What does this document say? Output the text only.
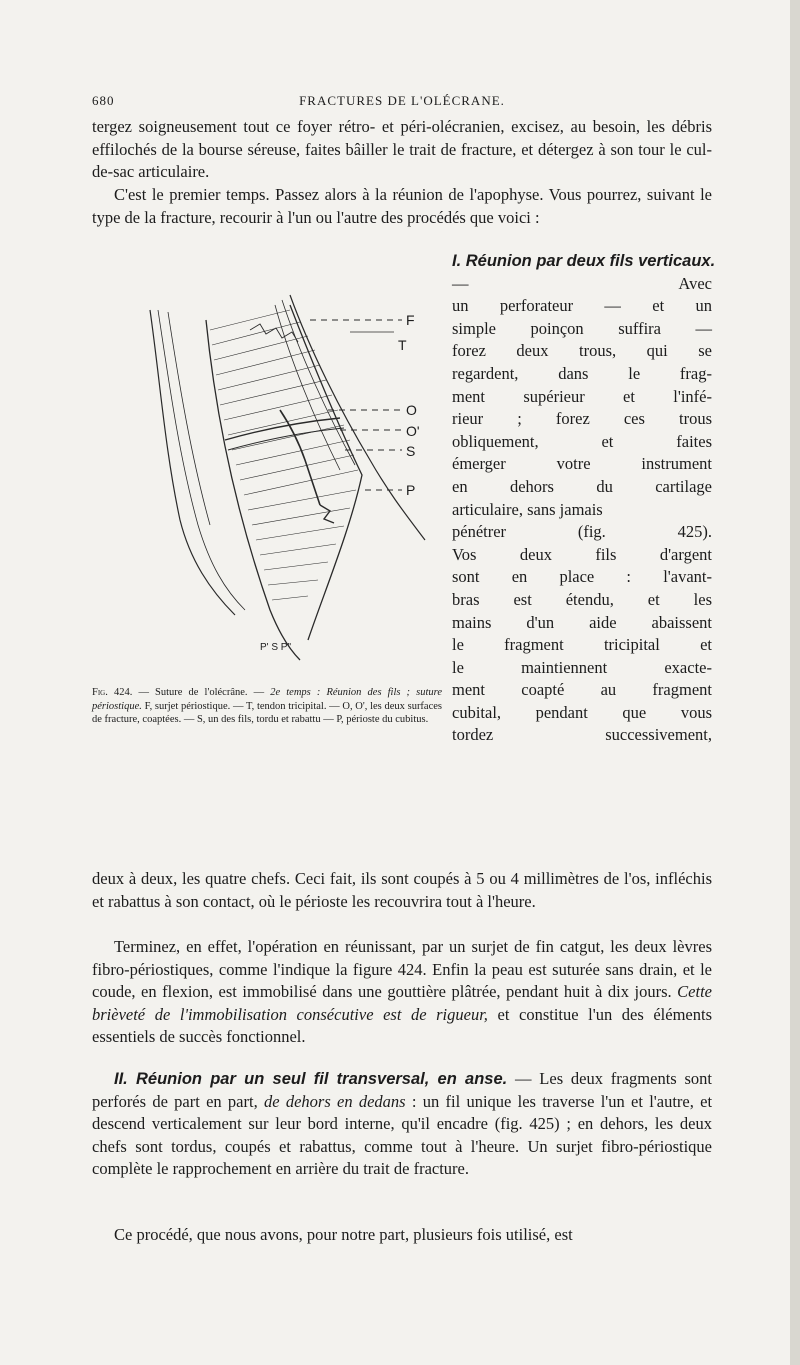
680	FRACTURES DE L'OLÉCRANE.

tergez soigneusement tout ce foyer rétro- et péri-olécranien, excisez, au besoin, les débris effilochés de la bourse séreuse, faites bâiller le trait de fracture, et détergez à son tour le cul-de-sac articulaire.

C'est le premier temps. Passez alors à la réunion de l'apophyse. Vous pourrez, suivant le type de la fracture, recourir à l'un ou l'autre des procédés que voici :

F
T
O
O'
S
P
P' S P"
Fig. 424. — Suture de l'olécrâne. — 2e temps : Réunion des fils ; suture périostique. F, surjet périostique. — T, tendon tricipital. — O, O', les deux surfaces de fracture, coaptées. — S, un des fils, tordu et rabattu — P, périoste du cubitus.
I. Réunion par deux fils verticaux.
— Avec
un perforateur — et un
simple poinçon suffira —
forez deux trous, qui se
regardent, dans le frag-
ment supérieur et l'infé-
rieur ; forez ces trous
obliquement, et faites
émerger votre instrument
en dehors du cartilage
articulaire, sans jamais
pénétrer (fig. 425).
Vos deux fils d'argent
sont en place : l'avant-
bras est étendu, et les
mains d'un aide abaissent
le fragment tricipital et
le maintiennent exacte-
ment coapté au fragment
cubital, pendant que vous
tordez successivement,

deux à deux, les quatre chefs. Ceci fait, ils sont coupés à 5 ou 4 millimètres de l'os, infléchis et rabattus à son contact, où le périoste les recouvrira tout à l'heure.

Terminez, en effet, l'opération en réunissant, par un surjet de fin catgut, les deux lèvres fibro-périostiques, comme l'indique la figure 424. Enfin la peau est suturée sans drain, et le coude, en flexion, est immobilisé dans une gouttière plâtrée, pendant huit à dix jours. Cette brièveté de l'immobilisation consécutive est de rigueur, et constitue l'un des éléments essentiels de succès fonctionnel.

II. Réunion par un seul fil transversal, en anse. — Les deux fragments sont perforés de part en part, de dehors en dedans : un fil unique les traverse l'un et l'autre, et descend verticalement sur leur bord interne, qu'il encadre (fig. 425) ; en dehors, les deux chefs sont tordus, coupés et rabattus, comme tout à l'heure. Un surjet fibro-périostique complète le rapprochement en arrière du trait de fracture.

Ce procédé, que nous avons, pour notre part, plusieurs fois utilisé, est
